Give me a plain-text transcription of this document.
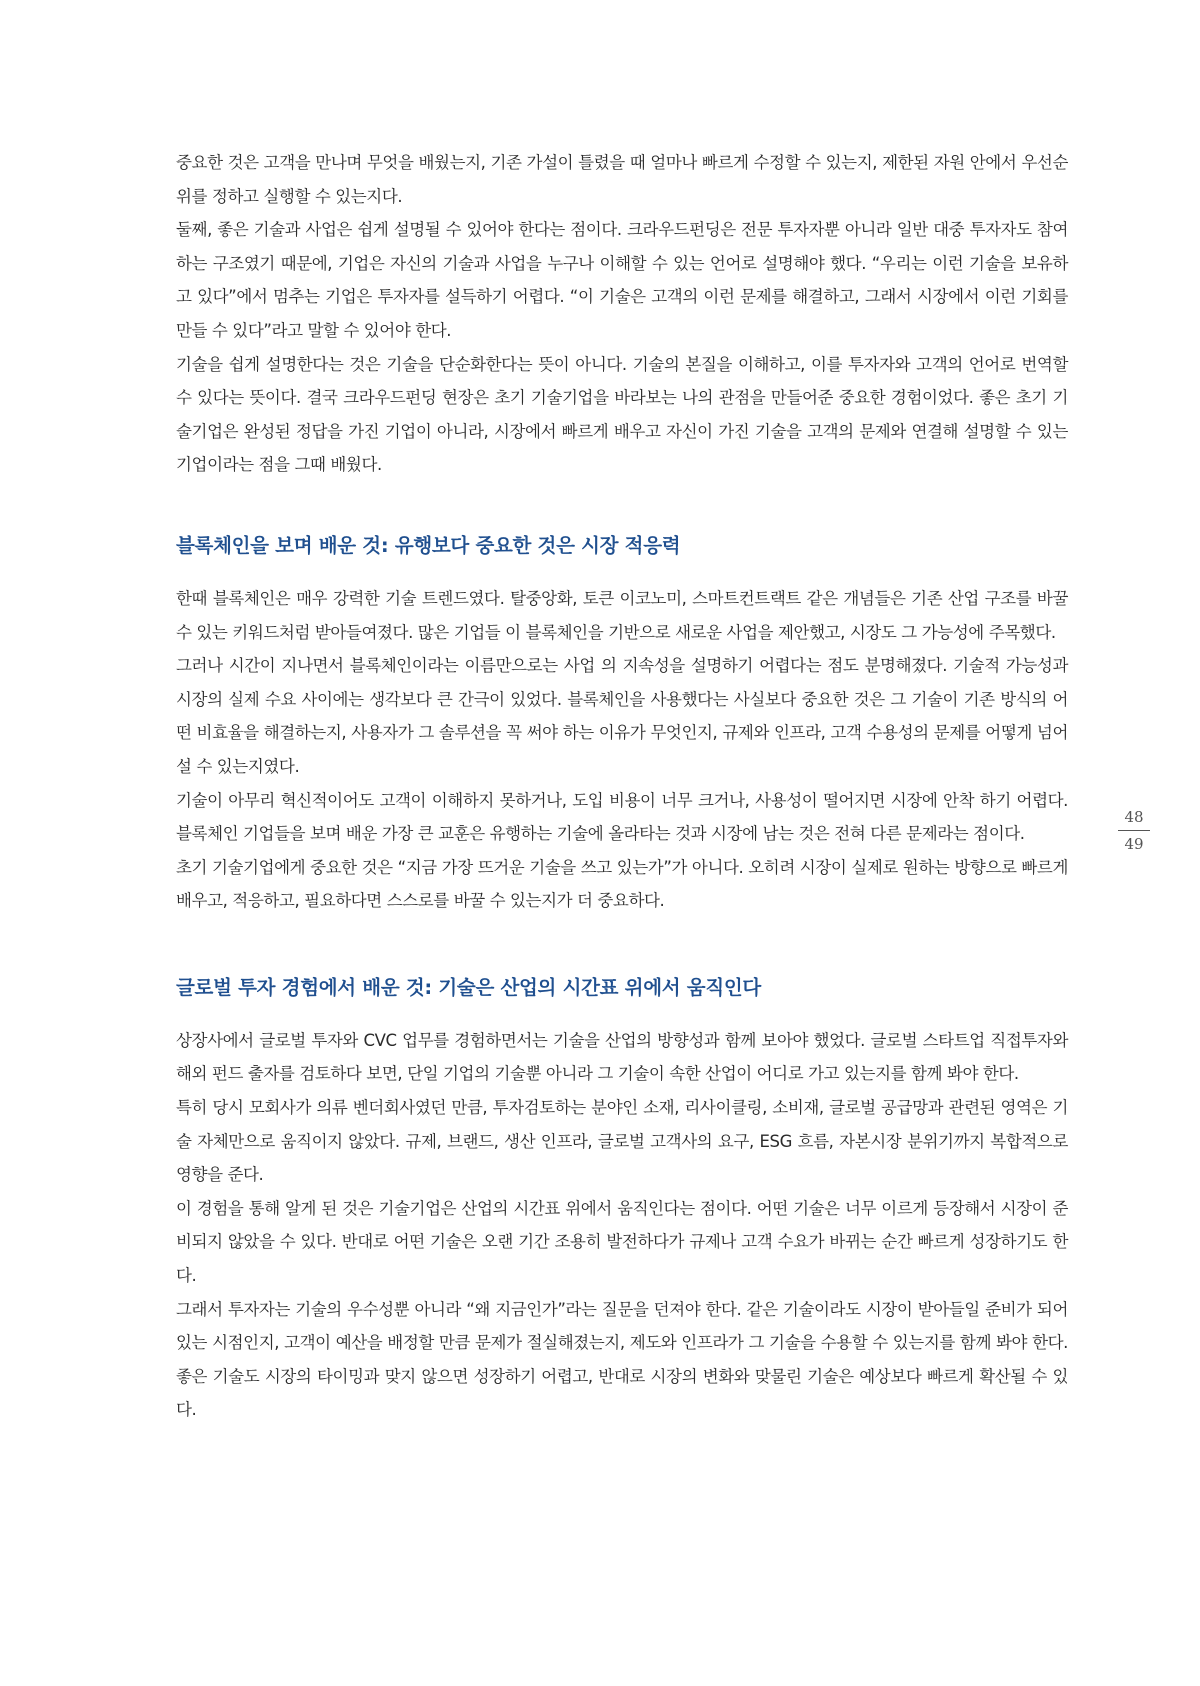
중요한 것은 고객을 만나며 무엇을 배웠는지, 기존 가설이 틀렸을 때 얼마나 빠르게 수정할 수 있는지, 제한된 자원 안에서 우선순위를 정하고 실행할 수 있는지다.

둘째, 좋은 기술과 사업은 쉽게 설명될 수 있어야 한다는 점이다. 크라우드펀딩은 전문 투자자뿐 아니라 일반 대중 투자자도 참여하는 구조였기 때문에, 기업은 자신의 기술과 사업을 누구나 이해할 수 있는 언어로 설명해야 했다. “우리는 이런 기술을 보유하고 있다”에서 멈추는 기업은 투자자를 설득하기 어렵다. “이 기술은 고객의 이런 문제를 해결하고, 그래서 시장에서 이런 기회를 만들 수 있다”라고 말할 수 있어야 한다.

기술을 쉽게 설명한다는 것은 기술을 단순화한다는 뜻이 아니다. 기술의 본질을 이해하고, 이를 투자자와 고객의 언어로 번역할 수 있다는 뜻이다. 결국 크라우드펀딩 현장은 초기 기술기업을 바라보는 나의 관점을 만들어준 중요한 경험이었다. 좋은 초기 기술기업은 완성된 정답을 가진 기업이 아니라, 시장에서 빠르게 배우고 자신이 가진 기술을 고객의 문제와 연결해 설명할 수 있는 기업이라는 점을 그때 배웠다.

블록체인을 보며 배운 것: 유행보다 중요한 것은 시장 적응력

한때 블록체인은 매우 강력한 기술 트렌드였다. 탈중앙화, 토큰 이코노미, 스마트컨트랙트 같은 개념들은 기존 산업 구조를 바꿀 수 있는 키워드처럼 받아들여졌다. 많은 기업들 이 블록체인을 기반으로 새로운 사업을 제안했고, 시장도 그 가능성에 주목했다.

그러나 시간이 지나면서 블록체인이라는 이름만으로는 사업 의 지속성을 설명하기 어렵다는 점도 분명해졌다. 기술적 가능성과 시장의 실제 수요 사이에는 생각보다 큰 간극이 있었다. 블록체인을 사용했다는 사실보다 중요한 것은 그 기술이 기존 방식의 어떤 비효율을 해결하는지, 사용자가 그 솔루션을 꼭 써야 하는 이유가 무엇인지, 규제와 인프라, 고객 수용성의 문제를 어떻게 넘어설 수 있는지였다.

기술이 아무리 혁신적이어도 고객이 이해하지 못하거나, 도입 비용이 너무 크거나, 사용성이 떨어지면 시장에 안착 하기 어렵다. 블록체인 기업들을 보며 배운 가장 큰 교훈은 유행하는 기술에 올라타는 것과 시장에 남는 것은 전혀 다른 문제라는 점이다.

초기 기술기업에게 중요한 것은 “지금 가장 뜨거운 기술을 쓰고 있는가”가 아니다. 오히려 시장이 실제로 원하는 방향으로 빠르게 배우고, 적응하고, 필요하다면 스스로를 바꿀 수 있는지가 더 중요하다.

글로벌 투자 경험에서 배운 것: 기술은 산업의 시간표 위에서 움직인다

상장사에서 글로벌 투자와 CVC 업무를 경험하면서는 기술을 산업의 방향성과 함께 보아야 했었다. 글로벌 스타트업 직접투자와 해외 펀드 출자를 검토하다 보면, 단일 기업의 기술뿐 아니라 그 기술이 속한 산업이 어디로 가고 있는지를 함께 봐야 한다.

특히 당시 모회사가 의류 벤더회사였던 만큼, 투자검토하는 분야인 소재, 리사이클링, 소비재, 글로벌 공급망과 관련된 영역은 기술 자체만으로 움직이지 않았다. 규제, 브랜드, 생산 인프라, 글로벌 고객사의 요구, ESG 흐름, 자본시장 분위기까지 복합적으로 영향을 준다.

이 경험을 통해 알게 된 것은 기술기업은 산업의 시간표 위에서 움직인다는 점이다. 어떤 기술은 너무 이르게 등장해서 시장이 준비되지 않았을 수 있다. 반대로 어떤 기술은 오랜 기간 조용히 발전하다가 규제나 고객 수요가 바뀌는 순간 빠르게 성장하기도 한다.

그래서 투자자는 기술의 우수성뿐 아니라 “왜 지금인가”라는 질문을 던져야 한다. 같은 기술이라도 시장이 받아들일 준비가 되어 있는 시점인지, 고객이 예산을 배정할 만큼 문제가 절실해졌는지, 제도와 인프라가 그 기술을 수용할 수 있는지를 함께 봐야 한다. 좋은 기술도 시장의 타이밍과 맞지 않으면 성장하기 어렵고, 반대로 시장의 변화와 맞물린 기술은 예상보다 빠르게 확산될 수 있다.

48
49
